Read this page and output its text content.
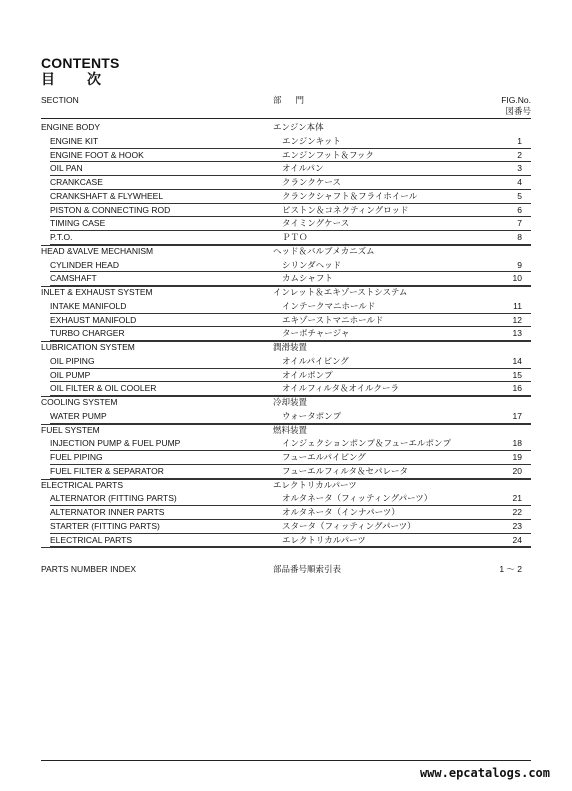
CONTENTS
目次
SECTION	部門	FIG.No.
図番号
ENGINE BODY	エンジン本体
ENGINE KIT	エンジンキット	1
ENGINE FOOT & HOOK	エンジンフット＆フック	2
OIL PAN	オイルパン	3
CRANKCASE	クランクケース	4
CRANKSHAFT & FLYWHEEL	クランクシャフト＆フライホイール	5
PISTON & CONNECTING ROD	ピストン＆コネクティングロッド	6
TIMING CASE	タイミングケース	7
P.T.O.	ＰＴＯ	8
HEAD &VALVE MECHANISM	ヘッド＆バルブメカニズム
CYLINDER HEAD	シリンダヘッド	9
CAMSHAFT	カムシャフト	10
INLET & EXHAUST SYSTEM	インレット＆エキゾーストシステム
INTAKE MANIFOLD	インテークマニホールド	11
EXHAUST MANIFOLD	エキゾーストマニホールド	12
TURBO CHARGER	ターボチャージャ	13
LUBRICATION SYSTEM	潤滑装置
OIL PIPING	オイルパイピング	14
OIL PUMP	オイルポンプ	15
OIL FILTER & OIL COOLER	オイルフィルタ＆オイルクーラ	16
COOLING SYSTEM	冷却装置
WATER PUMP	ウォータポンプ	17
FUEL SYSTEM	燃料装置
INJECTION PUMP & FUEL PUMP	インジェクションポンプ＆フューエルポンプ	18
FUEL PIPING	フューエルパイピング	19
FUEL FILTER & SEPARATOR	フューエルフィルタ＆セパレータ	20
ELECTRICAL PARTS	エレクトリカルパーツ
ALTERNATOR (FITTING PARTS)	オルタネータ（フィッティングパーツ）	21
ALTERNATOR INNER PARTS	オルタネータ（インナパーツ）	22
STARTER (FITTING PARTS)	スタータ（フィッティングパーツ）	23
ELECTRICAL PARTS	エレクトリカルパーツ	24
PARTS NUMBER INDEX	部品番号順索引表	1 ～ 2
www.epcatalogs.com
